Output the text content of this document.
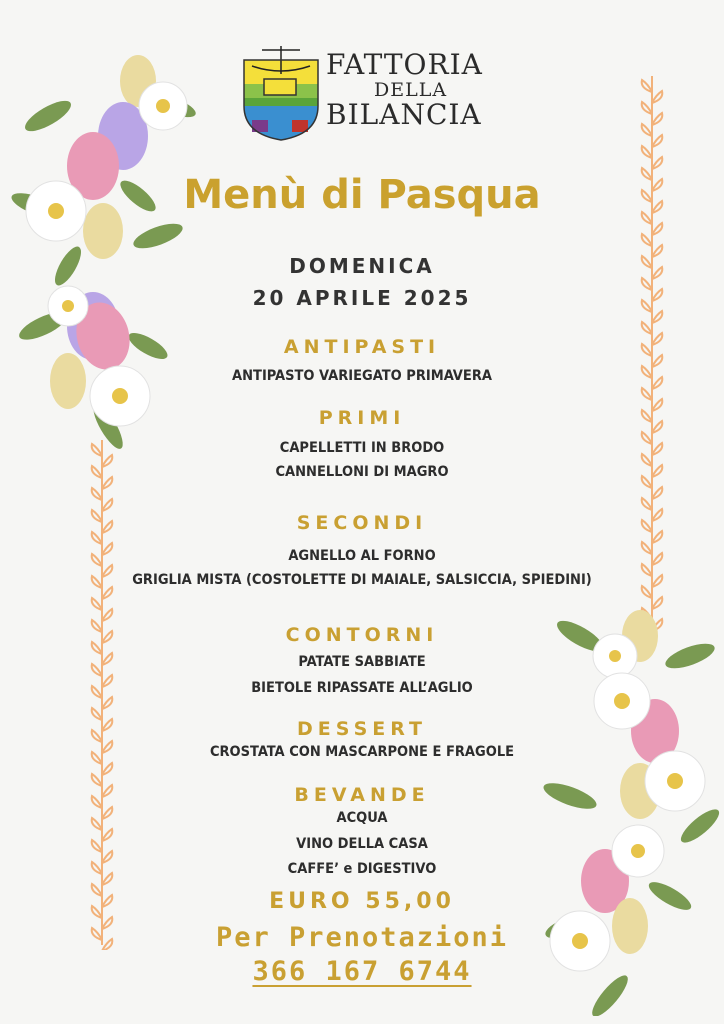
FATTORIA
DELLA
BILANCIA
Menù di Pasqua
DOMENICA
20 APRILE 2025
ANTIPASTI
ANTIPASTO VARIEGATO PRIMAVERA
PRIMI
CAPELLETTI IN BRODO
CANNELLONI DI MAGRO
SECONDI
AGNELLO AL FORNO
GRIGLIA MISTA (COSTOLETTE DI MAIALE, SALSICCIA, SPIEDINI)
CONTORNI
PATATE SABBIATE
BIETOLE RIPASSATE ALL’AGLIO
DESSERT
CROSTATA CON MASCARPONE E FRAGOLE
BEVANDE
ACQUA
VINO DELLA CASA
CAFFE’ e DIGESTIVO
EURO 55,00
Per Prenotazioni
366 167 6744
